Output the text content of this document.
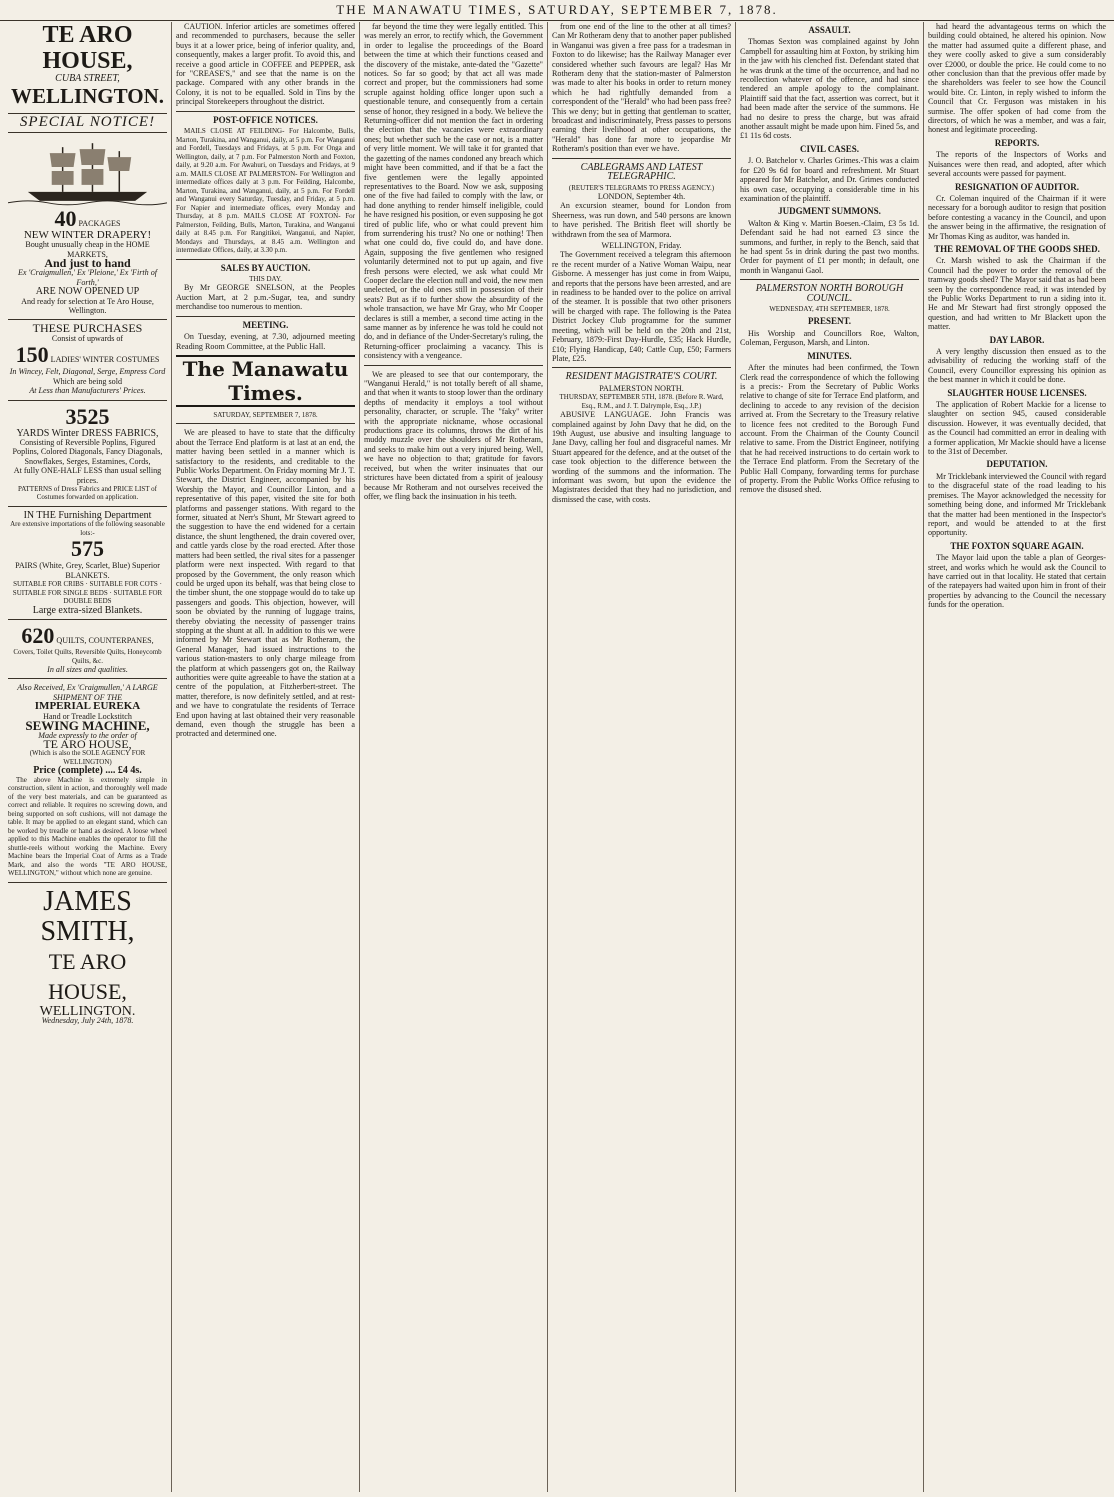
THE MANAWATU TIMES, SATURDAY, SEPTEMBER 7, 1878.
TE ARO HOUSE,
CUBA STREET,
WELLINGTON.
SPECIAL NOTICE!
40 PACKAGES
NEW WINTER DRAPERY!
Bought unusually cheap in the HOME MARKETS,
And just to hand
Ex 'Craigmullen,' Ex 'Pleione,' Ex 'Firth of Forth,'
ARE NOW OPENED UP
And ready for selection at Te Aro House, Wellington.
THESE PURCHASES
Consist of upwards of
150 LADIES' WINTER COSTUMES
In Wincey, Felt, Diagonal, Serge, Empress Cord
Which are being sold
At Less than Manufacturers' Prices.
3525
YARDS Winter DRESS FABRICS,
Consisting of Reversible Poplins, Figured Poplins, Colored Diagonals, Fancy Diagonals, Snowflakes, Serges, Estamines, Cords,
At fully ONE-HALF LESS than usual selling prices.
PATTERNS of Dress Fabrics and PRICE LIST of Costumes forwarded on application.
IN THE Furnishing Department
Are extensive importations of the following seasonable lots:-
575
PAIRS (White, Grey, Scarlet, Blue) Superior BLANKETS.
SUITABLE FOR CRIBS · SUITABLE FOR COTS · SUITABLE FOR SINGLE BEDS · SUITABLE FOR DOUBLE BEDS
Large extra-sized Blankets.
620 QUILTS, COUNTERPANES,
Covers, Toilet Quilts, Reversible Quilts, Honeycomb Quilts, &c.
In all sizes and qualities.
Also Received, Ex 'Craigmullen,' A LARGE SHIPMENT OF THE
IMPERIAL EUREKA
Hand or Treadle Lockstitch
SEWING MACHINE,
Made expressly to the order of
TE ARO HOUSE,
(Which is also the SOLE AGENCY FOR WELLINGTON)
Price (complete) .... £4 4s.

The above Machine is extremely simple in construction, silent in action, and thoroughly well made of the very best materials, and can be guaranteed as correct and reliable. It requires no screwing down, and being supported on soft cushions, will not damage the table. It may be applied to an elegant stand, which can be worked by treadle or hand as desired. A loose wheel applied to this Machine enables the operator to fill the shuttle-reels without working the Machine. Every Machine bears the Imperial Coat of Arms as a Trade Mark, and also the words "TE ARO HOUSE, WELLINGTON," without which none are genuine.

JAMES SMITH,
TE ARO HOUSE,
WELLINGTON.
Wednesday, July 24th, 1878.

CAUTION. Inferior articles are sometimes offered and recommended to purchasers, because the seller buys it at a lower price, being of inferior quality, and, consequently, makes a larger profit. To avoid this, and receive a good article in COFFEE and PEPPER, ask for "CREASE'S," and see that the name is on the package. Compared with any other brands in the Colony, it is not to be equalled. Sold in Tins by the principal Storekeepers throughout the district.

POST-OFFICE NOTICES.

MAILS CLOSE AT FEILDING- For Halcombe, Bulls, Marton, Turakina, and Wanganui, daily, at 5 p.m. For Wanganui and Fordell, Tuesdays and Fridays, at 5 p.m. For Onga and Wellington, daily, at 7 p.m. For Palmerston North and Foxton, daily, at 9.20 a.m. For Awahuri, on Tuesdays and Fridays, at 9 a.m. MAILS CLOSE AT PALMERSTON- For Wellington and intermediate offices daily at 3 p.m. For Feilding, Halcombe, Marton, Turakina, and Wanganui, daily, at 5 p.m. For Fordell and Wanganui every Saturday, Tuesday, and Friday, at 5 p.m. For Napier and intermediate offices, every Monday and Thursday, at 8 p.m. MAILS CLOSE AT FOXTON- For Palmerston, Feilding, Bulls, Marton, Turakina, and Wanganui daily at 8.45 p.m. For Rangitikei, Wanganui, and Napier, Mondays and Thursdays, at 8.45 a.m. Wellington and intermediate Offices, daily, at 3.30 p.m.

SALES BY AUCTION.
THIS DAY.

By Mr GEORGE SNELSON, at the Peoples Auction Mart, at 2 p.m.-Sugar, tea, and sundry merchandise too numerous to mention.

MEETING.

On Tuesday, evening, at 7.30, adjourned meeting Reading Room Committee, at the Public Hall.

The Manawatu Times.
SATURDAY, SEPTEMBER 7, 1878.

We are pleased to have to state that the difficulty about the Terrace End platform is at last at an end, the matter having been settled in a manner which is satisfactory to the residents, and creditable to the Public Works Department. On Friday morning Mr J. T. Stewart, the District Engineer, accompanied by his Worship the Mayor, and Councillor Linton, and a representative of this paper, visited the site for both platforms and passenger stations. With regard to the former, situated at Nerr's Shunt, Mr Stewart agreed to the suggestion to have the end widened for a certain distance, the shunt lengthened, the drain covered over, and cattle yards close by the road erected. After those matters had been settled, the rival sites for a passenger platform were next inspected. With regard to that proposed by the Government, the only reason which could be urged upon its behalf, was that being close to the timber shunt, the one stoppage would do to take up passengers and goods. This objection, however, will soon be obviated by the running of luggage trains, thereby obviating the necessity of passenger trains stopping at the shunt at all. In addition to this we were informed by Mr Stewart that as Mr Rotheram, the General Manager, had issued instructions to the various station-masters to only charge mileage from the platform at which passengers got on, the Railway authorities were quite agreeable to have the station at a centre of the population, at Fitzherbert-street. The matter, therefore, is now definitely settled, and at rest-and we have to congratulate the residents of Terrace End upon having at last obtained their very reasonable demand, even though the struggle has been a protracted and determined one.

far beyond the time they were legally entitled. This was merely an error, to rectify which, the Government in order to legalise the proceedings of the Board between the time at which their functions ceased and the discovery of the mistake, ante-dated the "Gazette" notices. So far so good; by that act all was made correct and proper, but the commissioners had some scruple against holding office longer upon such a questionable tenure, and consequently from a certain sense of honor, they resigned in a body. We believe the Returning-officer did not mention the fact in ordering the election that the vacancies were extraordinary ones; but whether such be the case or not, is a matter of very little moment. We will take it for granted that the gazetting of the names condoned any breach which might have been committed, and if that be a fact the five gentlemen were the legally appointed representatives to the Board. Now we ask, supposing one of the five had failed to comply with the law, or had done anything to render himself ineligible, could he have resigned his position, or even supposing he got tired of public life, who or what could prevent him from surrendering his trust? No one or nothing! Then what one could do, five could do, and have done. Again, supposing the five gentlemen who resigned voluntarily determined not to put up again, and five fresh persons were elected, we ask what could Mr Cooper declare the election null and void, the new men unelected, or the old ones still in possession of their seats? But as if to further show the absurdity of the whole transaction, we have Mr Gray, who Mr Cooper declares is still a member, a second time acting in the same manner as by inference he was told he could not do, and in defiance of the Under-Secretary's ruling, the Returning-officer proclaiming a vacancy. This is consistency with a vengeance.

We are pleased to see that our contemporary, the "Wanganui Herald," is not totally bereft of all shame, and that when it wants to stoop lower than the ordinary depths of mendacity it employs a tool without personality, character, or scruple. The "faky" writer with the appropriate nickname, whose occasional productions grace its columns, throws the dirt of his muddy muzzle over the shoulders of Mr Rotheram, and seeks to make him out a very injured being. Well, we have no objection to that; gratitude for favors received, but when the writer insinuates that our strictures have been dictated from a spirit of jealousy because Mr Rotheram and not ourselves received the offer, we fling back the insinuation in his teeth.

from one end of the line to the other at all times? Can Mr Rotheram deny that to another paper published in Wanganui was given a free pass for a tradesman in Foxton to do likewise; has the Railway Manager ever considered whether such favours are legal? Has Mr Rotheram deny that the station-master of Palmerston was made to alter his books in order to return money which he had rightfully demanded from a correspondent of the "Herald" who had been pass free? This we deny; but in getting that gentleman to scatter, broadcast and indiscriminately, Press passes to persons earning their livelihood at other occupations, the "Herald" has done far more to jeopardise Mr Rotheram's position than ever we have.

CABLEGRAMS AND LATEST TELEGRAPHIC.
(REUTER'S TELEGRAMS TO PRESS AGENCY.)
LONDON, September 4th.

An excursion steamer, bound for London from Sheerness, was run down, and 540 persons are known to have perished. The British fleet will shortly be withdrawn from the sea of Marmora.

WELLINGTON, Friday.

The Government received a telegram this afternoon re the recent murder of a Native Woman Waipu, near Gisborne. A messenger has just come in from Waipu, and reports that the persons have been arrested, and are in readiness to be handed over to the police on arrival of the steamer. It is possible that two other prisoners will be charged with rape. The following is the Patea District Jockey Club programme for the summer meeting, which will be held on the 20th and 21st, February, 1879:-First Day-Hurdle, £35; Hack Hurdle, £10; Flying Handicap, £40; Cattle Cup, £50; Farmers Plate, £25.

RESIDENT MAGISTRATE'S COURT.
PALMERSTON NORTH.
THURSDAY, SEPTEMBER 5TH, 1878. (Before R. Ward, Esq., R.M., and J. T. Dalrymple, Esq., J.P.)

ABUSIVE LANGUAGE. John Francis was complained against by John Davy that he did, on the 19th August, use abusive and insulting language to Jane Davy, calling her foul and disgraceful names. Mr Stuart appeared for the defence, and at the outset of the case took objection to the difference between the wording of the summons and the information. The informant was sworn, but upon the evidence the Magistrates decided that they had no jurisdiction, and dismissed the case, with costs.

ASSAULT.

Thomas Sexton was complained against by John Campbell for assaulting him at Foxton, by striking him in the jaw with his clenched fist. Defendant stated that he was drunk at the time of the occurrence, and had no recollection whatever of the offence, and had since tendered an ample apology to the complainant. Plaintiff said that the fact, assertion was correct, but it had been made after the service of the summons. He had no desire to press the charge, but was afraid another assault might be made upon him. Fined 5s, and £1 11s 6d costs.

CIVIL CASES.

J. O. Batchelor v. Charles Grimes.-This was a claim for £20 9s 6d for board and refreshment. Mr Stuart appeared for Mr Batchelor, and Dr. Grimes conducted his own case, occupying a considerable time in his examination of the plaintiff.

JUDGMENT SUMMONS.

Walton & King v. Martin Boesen.-Claim, £3 5s 1d. Defendant said he had not earned £3 since the summons, and further, in reply to the Bench, said that he had spent 5s in drink during the past two months. Order for payment of £1 per month; in default, one month in Wanganui Gaol.

PALMERSTON NORTH BOROUGH COUNCIL.
WEDNESDAY, 4TH SEPTEMBER, 1878.
PRESENT.

His Worship and Councillors Roe, Walton, Coleman, Ferguson, Marsh, and Linton.

MINUTES.

After the minutes had been confirmed, the Town Clerk read the correspondence of which the following is a precis:- From the Secretary of Public Works relative to change of site for Terrace End platform, and declining to accede to any revision of the decision arrived at. From the Secretary to the Treasury relative to licence fees not credited to the Borough Fund account. From the Chairman of the County Council relative to same. From the District Engineer, notifying that he had received instructions to do certain work to the Terrace End platform. From the Secretary of the Public Hall Company, forwarding terms for purchase of property. From the Public Works Office refusing to remove the disused shed.

had heard the advantageous terms on which the building could obtained, he altered his opinion. Now the matter had assumed quite a different phase, and they were coolly asked to give a sum considerably over £2000, or double the price. He could come to no other conclusion than that the previous offer made by the shareholders was feeler to see how the Council would bite. Cr. Linton, in reply wished to inform the Council that Cr. Ferguson was mistaken in his surmise. The offer spoken of had come from the directors, of which he was a member, and was a fair, honest and legitimate proceeding.

REPORTS.

The reports of the Inspectors of Works and Nuisances were then read, and adopted, after which several accounts were passed for payment.

RESIGNATION OF AUDITOR.

Cr. Coleman inquired of the Chairman if it were necessary for a borough auditor to resign that position before contesting a vacancy in the Council, and upon the answer being in the affirmative, the resignation of Mr Thomas King as auditor, was handed in.

THE REMOVAL OF THE GOODS SHED.

Cr. Marsh wished to ask the Chairman if the Council had the power to order the removal of the tramway goods shed? The Mayor said that as had been seen by the correspondence read, it was intended by the Public Works Department to run a siding into it. He and Mr Stewart had first strongly opposed the question, and had written to Mr Blackett upon the matter.

DAY LABOR.

A very lengthy discussion then ensued as to the advisability of reducing the working staff of the Council, every Councillor expressing his opinion as the best manner in which it could be done.

SLAUGHTER HOUSE LICENSES.

The application of Robert Mackie for a license to slaughter on section 945, caused considerable discussion. However, it was eventually decided, that as the Council had committed an error in dealing with a former application, Mr Mackie should have a license to the 31st of December.

DEPUTATION.

Mr Tricklebank interviewed the Council with regard to the disgraceful state of the road leading to his premises. The Mayor acknowledged the necessity for something being done, and informed Mr Tricklebank that the matter had been mentioned in the Inspector's report, and would be attended to at the first opportunity.

THE FOXTON SQUARE AGAIN.

The Mayor laid upon the table a plan of Georges-street, and works which he would ask the Council to have carried out in that locality. He stated that certain of the ratepayers had waited upon him in front of their properties by advancing to the Council the necessary funds for the operation.
